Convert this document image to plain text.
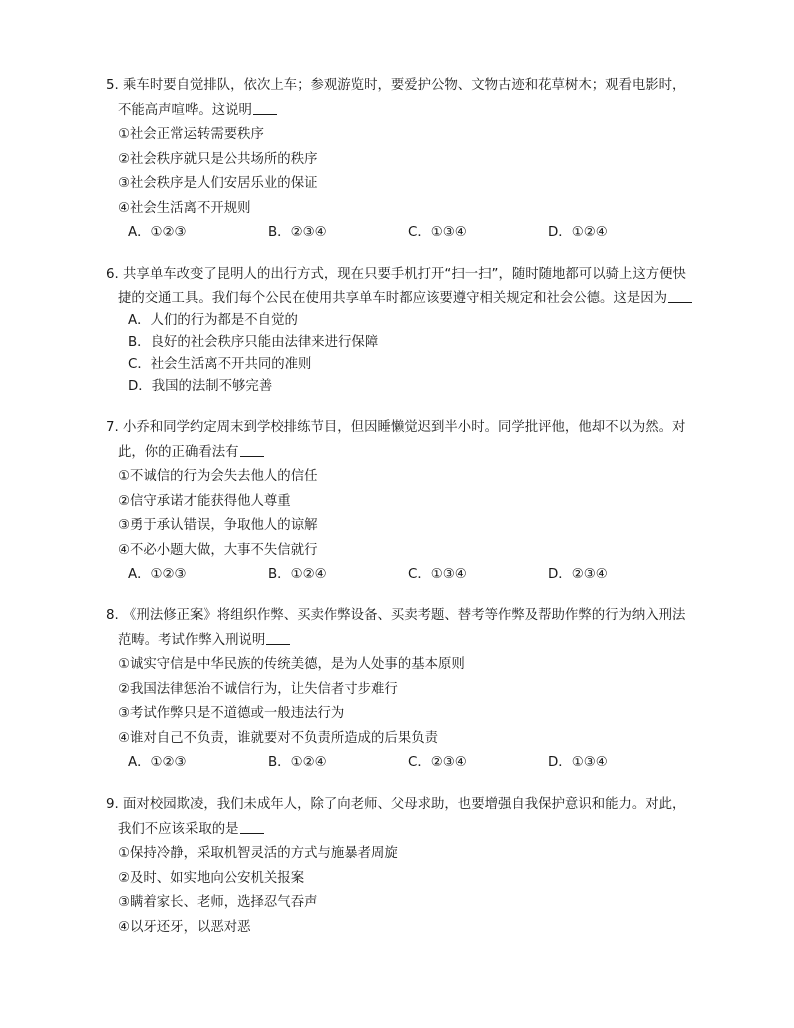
5. 乘车时要自觉排队，依次上车；参观游览时，要爱护公物、文物古迹和花草树木；观看电影时，
不能高声喧哗。这说明
①社会正常运转需要秩序
②社会秩序就只是公共场所的秩序
③社会秩序是人们安居乐业的保证
④社会生活离不开规则
A．①②③	B．②③④	C．①③④	D．①②④
6. 共享单车改变了昆明人的出行方式，现在只要手机打开“扫一扫”，随时随地都可以骑上这方便快
捷的交通工具。我们每个公民在使用共享单车时都应该要遵守相关规定和社会公德。这是因为
A．人们的行为都是不自觉的
B．良好的社会秩序只能由法律来进行保障
C．社会生活离不开共同的准则
D．我国的法制不够完善
7. 小乔和同学约定周末到学校排练节目，但因睡懒觉迟到半小时。同学批评他，他却不以为然。对
此，你的正确看法有
①不诚信的行为会失去他人的信任
②信守承诺才能获得他人尊重
③勇于承认错误，争取他人的谅解
④不必小题大做，大事不失信就行
A．①②③	B．①②④	C．①③④	D．②③④
8. 《刑法修正案》将组织作弊、买卖作弊设备、买卖考题、替考等作弊及帮助作弊的行为纳入刑法
范畴。考试作弊入刑说明
①诚实守信是中华民族的传统美德，是为人处事的基本原则
②我国法律惩治不诚信行为，让失信者寸步难行
③考试作弊只是不道德或一般违法行为
④谁对自己不负责，谁就要对不负责所造成的后果负责
A．①②③	B．①②④	C．②③④	D．①③④
9. 面对校园欺凌，我们未成年人，除了向老师、父母求助，也要增强自我保护意识和能力。对此，
我们不应该采取的是
①保持冷静，采取机智灵活的方式与施暴者周旋
②及时、如实地向公安机关报案
③瞒着家长、老师，选择忍气吞声
④以牙还牙，以恶对恶
